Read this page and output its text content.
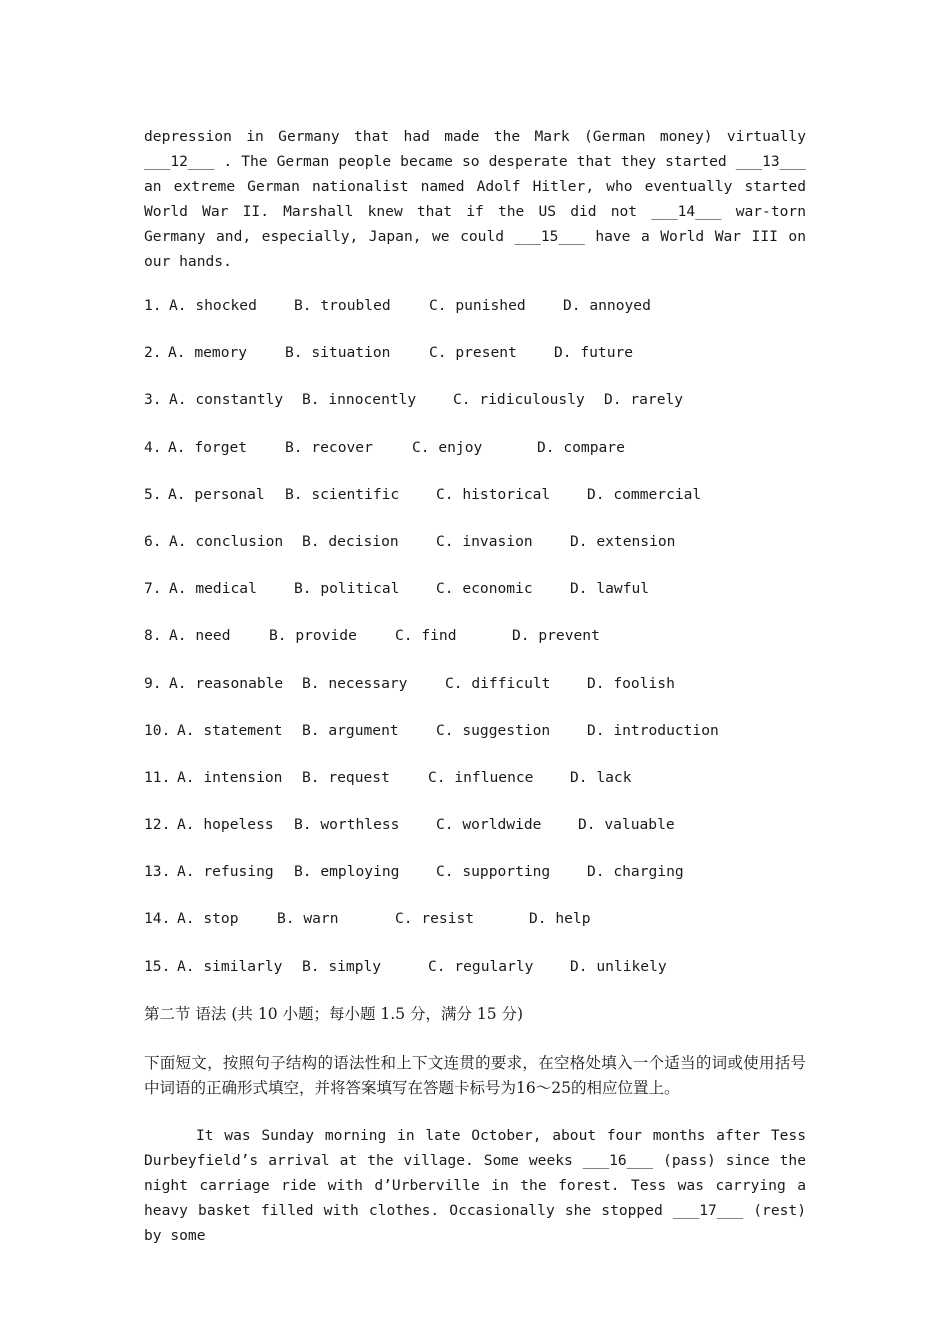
depression in Germany that had made the Mark (German money) virtually ___12___ . The German people became so desperate that they started ___13___ an extreme German nationalist named Adolf Hitler, who eventually started World War II. Marshall knew that if the US did not ___14___ war-torn Germany and, especially, Japan, we could ___15___ have a World War III on our hands.

1. A. shocked	B. troubled	C. punished	D. annoyed
2. A. memory	B. situation	C. present	D. future
3. A. constantly B. innocently	C. ridiculously D. rarely
4. A. forget	B. recover	C. enjoy	D. compare
5. A. personal B. scientific	C. historical	D. commercial
6. A. conclusion B. decision	C. invasion	D. extension
7. A. medical	B. political	C. economic	D. lawful
8. A. need	B. provide	C. find	D. prevent
9. A. reasonable B. necessary	C. difficult	D. foolish
10. A. statement B. argument	C. suggestion	D. introduction
11. A. intension B. request	C. influence	D. lack
12. A. hopeless B. worthless	C. worldwide	D. valuable
13. A. refusing B. employing	C. supporting	D. charging
14. A. stop	B. warn	C. resist	D. help
15. A. similarly B. simply	C. regularly	D. unlikely

第二节 语法 (共 10 小题；每小题 1.5 分，满分 15 分)

下面短文，按照句子结构的语法性和上下文连贯的要求，在空格处填入一个适当的词或使用括号中词语的正确形式填空，并将答案填写在答题卡标号为16～25的相应位置上。

It was Sunday morning in late October, about four months after Tess Durbeyfield’s arrival at the village. Some weeks ___16___ (pass) since the night carriage ride with d’Urberville in the forest. Tess was carrying a heavy basket filled with clothes. Occasionally she stopped ___17___ (rest) by some
